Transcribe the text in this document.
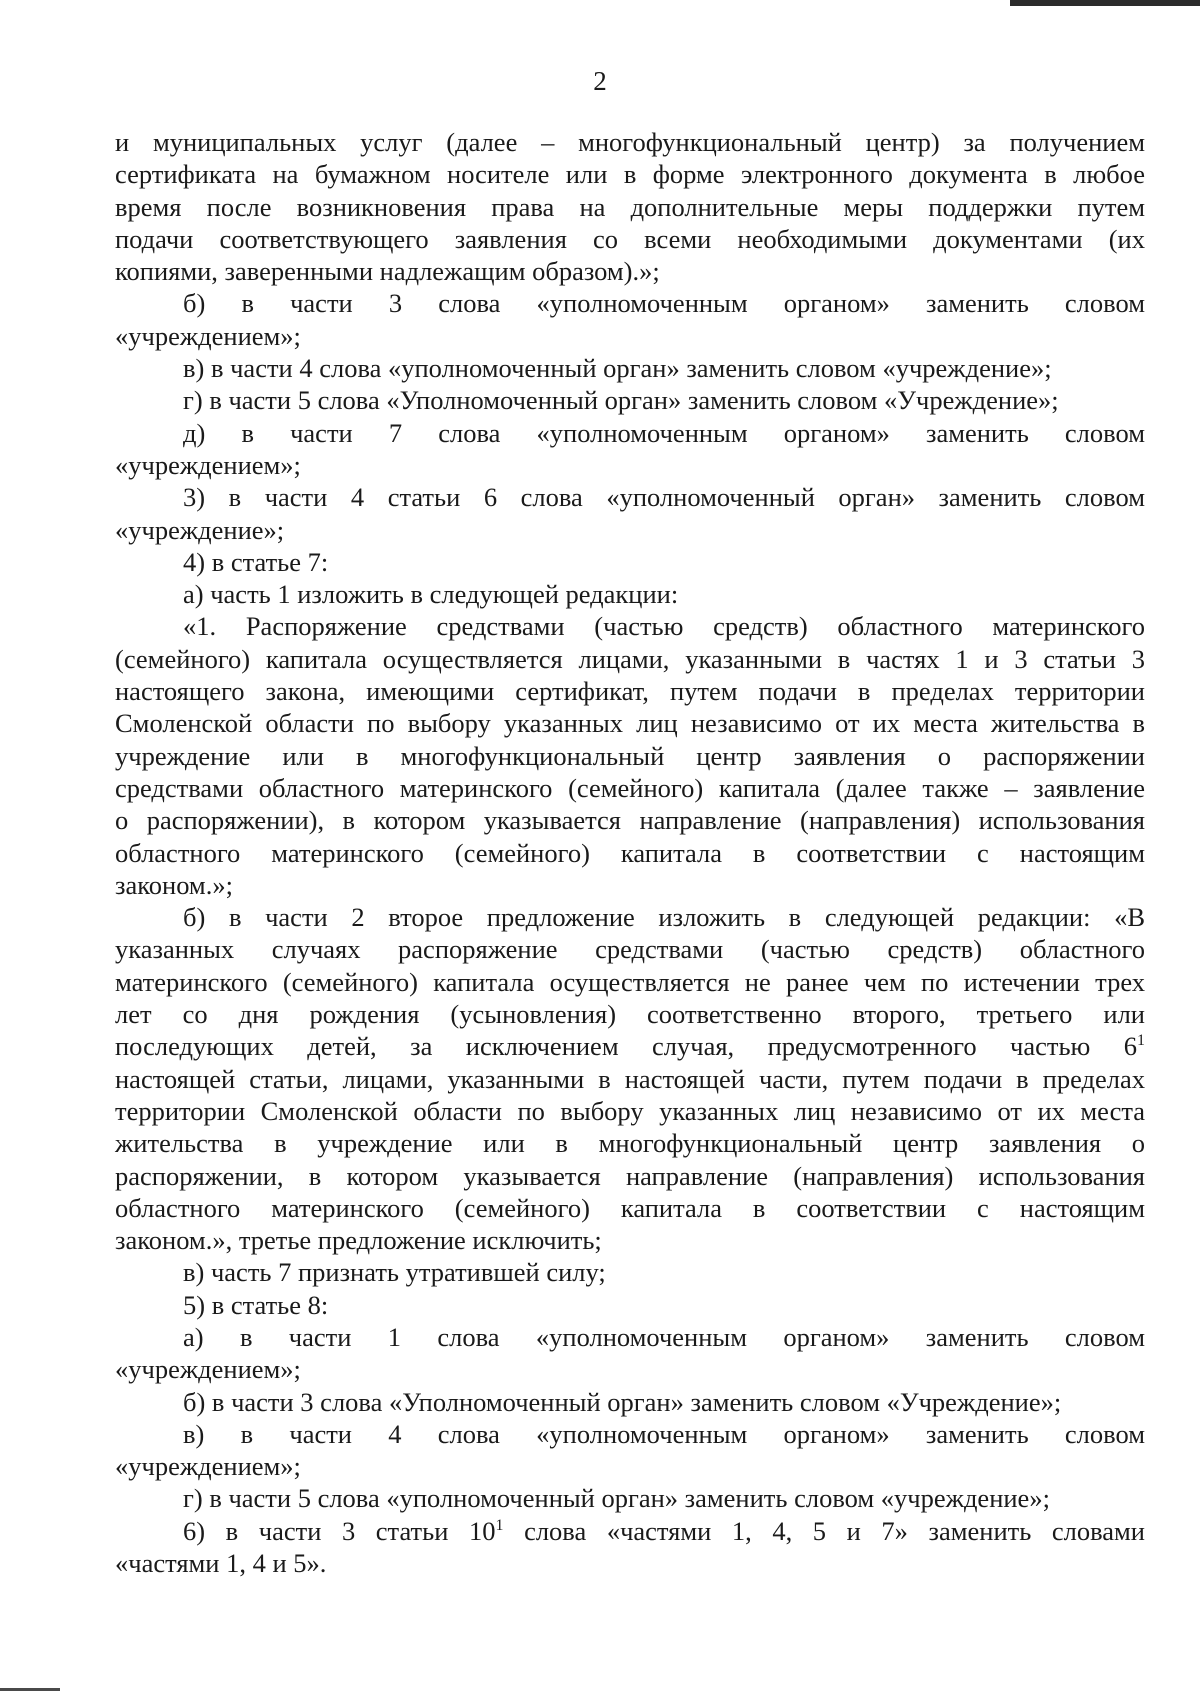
2
и муниципальных услуг (далее – многофункциональный центр) за получением
сертификата на бумажном носителе или в форме электронного документа в любое
время после возникновения права на дополнительные меры поддержки путем
подачи соответствующего заявления со всеми необходимыми документами (их
копиями, заверенными надлежащим образом).»;
б) в части 3 слова «уполномоченным органом» заменить словом
«учреждением»;
в) в части 4 слова «уполномоченный орган» заменить словом «учреждение»;
г) в части 5 слова «Уполномоченный орган» заменить словом «Учреждение»;
д) в части 7 слова «уполномоченным органом» заменить словом
«учреждением»;
3) в части 4 статьи 6 слова «уполномоченный орган» заменить словом
«учреждение»;
4) в статье 7:
а) часть 1 изложить в следующей редакции:
«1. Распоряжение средствами (частью средств) областного материнского
(семейного) капитала осуществляется лицами, указанными в частях 1 и 3 статьи 3
настоящего закона, имеющими сертификат, путем подачи в пределах территории
Смоленской области по выбору указанных лиц независимо от их места жительства в
учреждение или в многофункциональный центр заявления о распоряжении
средствами областного материнского (семейного) капитала (далее также – заявление
о распоряжении), в котором указывается направление (направления) использования
областного материнского (семейного) капитала в соответствии с настоящим
законом.»;
б) в части 2 второе предложение изложить в следующей редакции: «В
указанных случаях распоряжение средствами (частью средств) областного
материнского (семейного) капитала осуществляется не ранее чем по истечении трех
лет со дня рождения (усыновления) соответственно второго, третьего или
последующих детей, за исключением случая, предусмотренного частью $6^1$
настоящей статьи, лицами, указанными в настоящей части, путем подачи в пределах
территории Смоленской области по выбору указанных лиц независимо от их места
жительства в учреждение или в многофункциональный центр заявления о
распоряжении, в котором указывается направление (направления) использования
областного материнского (семейного) капитала в соответствии с настоящим
законом.», третье предложение исключить;
в) часть 7 признать утратившей силу;
5) в статье 8:
а) в части 1 слова «уполномоченным органом» заменить словом
«учреждением»;
б) в части 3 слова «Уполномоченный орган» заменить словом «Учреждение»;
в) в части 4 слова «уполномоченным органом» заменить словом
«учреждением»;
г) в части 5 слова «уполномоченный орган» заменить словом «учреждение»;
6) в части 3 статьи $10^1$ слова «частями 1, 4, 5 и 7» заменить словами
«частями 1, 4 и 5».
